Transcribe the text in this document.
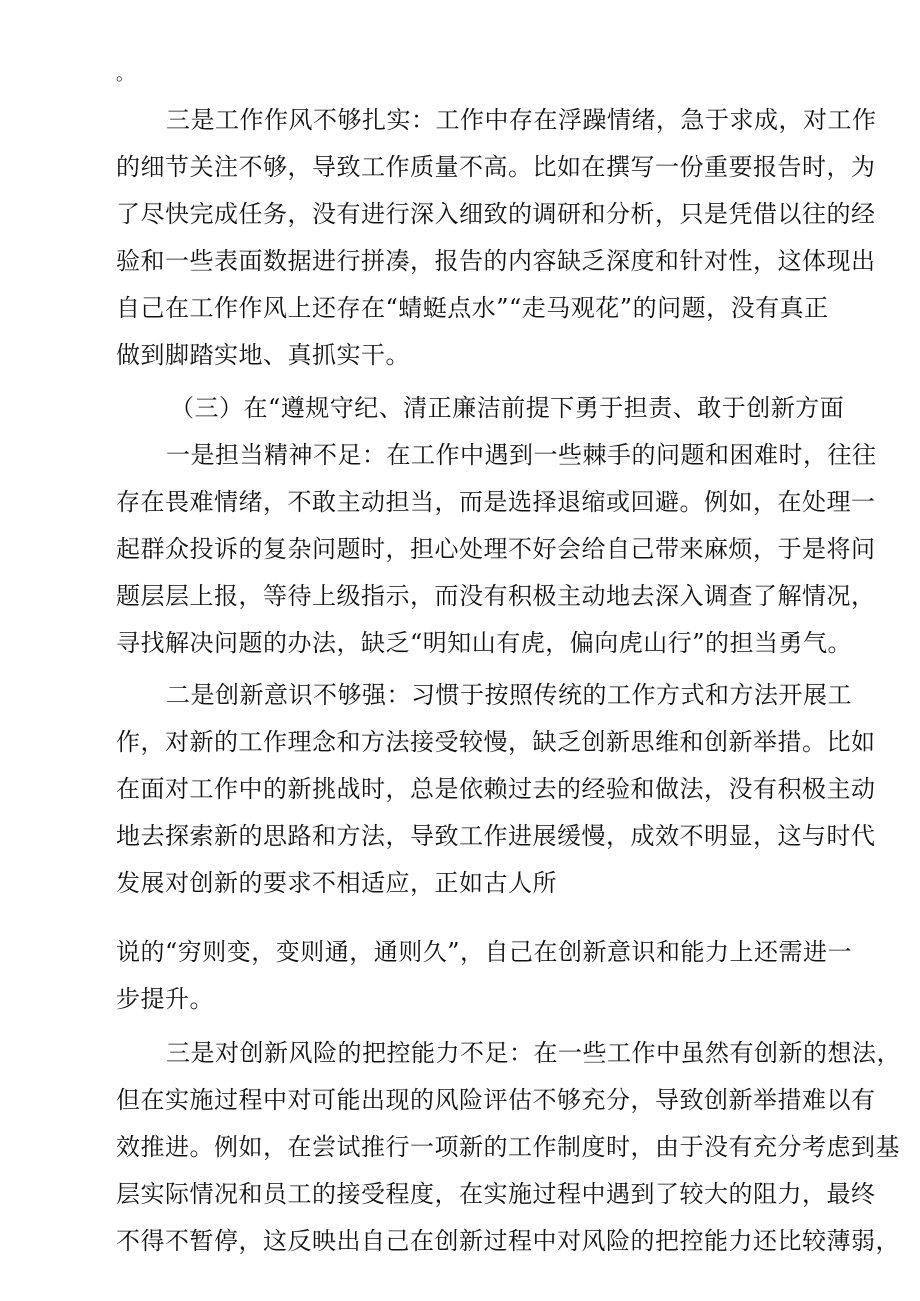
。
三是工作作风不够扎实：工作中存在浮躁情绪，急于求成，对工作
的细节关注不够，导致工作质量不高。比如在撰写一份重要报告时，为
了尽快完成任务，没有进行深入细致的调研和分析，只是凭借以往的经
验和一些表面数据进行拼凑，报告的内容缺乏深度和针对性，这体现出
自己在工作作风上还存在“蜻蜓点水”“走马观花”的问题，没有真正
做到脚踏实地、真抓实干。
（三）在“遵规守纪、清正廉洁前提下勇于担责、敢于创新方面
一是担当精神不足：在工作中遇到一些棘手的问题和困难时，往往
存在畏难情绪，不敢主动担当，而是选择退缩或回避。例如，在处理一
起群众投诉的复杂问题时，担心处理不好会给自己带来麻烦，于是将问
题层层上报，等待上级指示，而没有积极主动地去深入调查了解情况，
寻找解决问题的办法，缺乏“明知山有虎，偏向虎山行”的担当勇气。
二是创新意识不够强：习惯于按照传统的工作方式和方法开展工
作，对新的工作理念和方法接受较慢，缺乏创新思维和创新举措。比如
在面对工作中的新挑战时，总是依赖过去的经验和做法，没有积极主动
地去探索新的思路和方法，导致工作进展缓慢，成效不明显，这与时代
发展对创新的要求不相适应，正如古人所
说的“穷则变，变则通，通则久”，自己在创新意识和能力上还需进一
步提升。
三是对创新风险的把控能力不足：在一些工作中虽然有创新的想法，
但在实施过程中对可能出现的风险评估不够充分，导致创新举措难以有
效推进。例如，在尝试推行一项新的工作制度时，由于没有充分考虑到基
层实际情况和员工的接受程度，在实施过程中遇到了较大的阻力，最终
不得不暂停，这反映出自己在创新过程中对风险的把控能力还比较薄弱，
